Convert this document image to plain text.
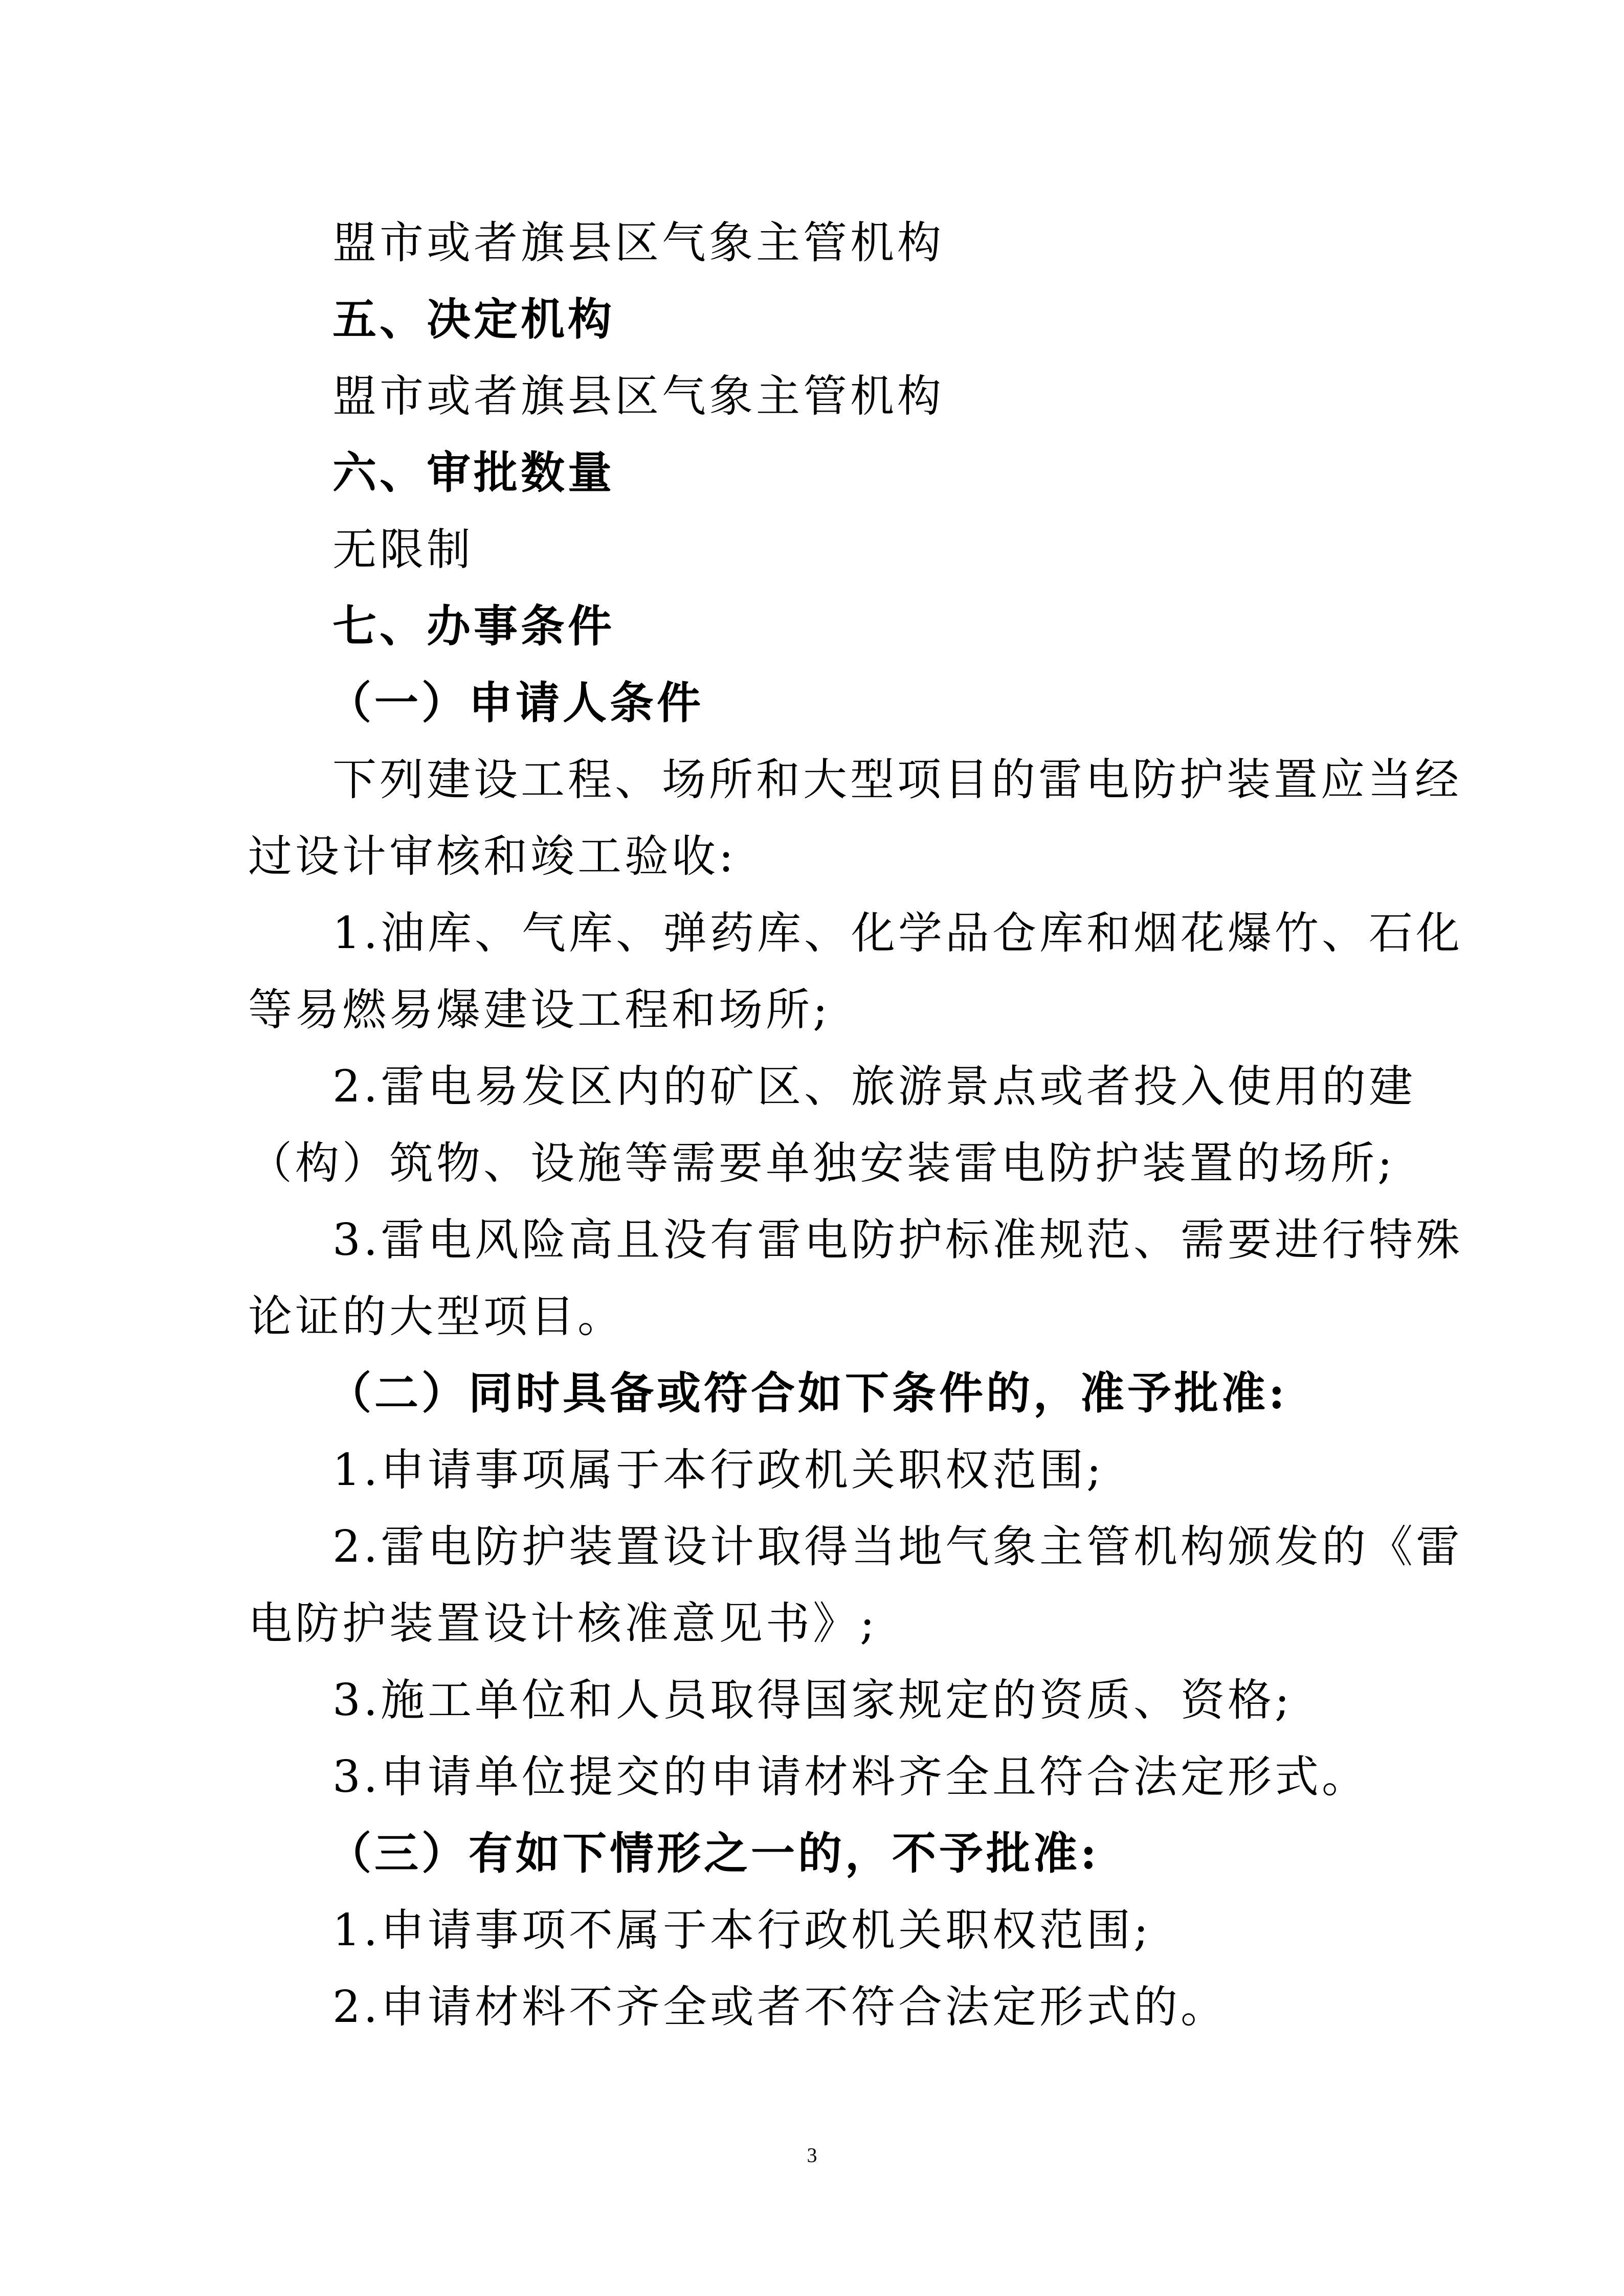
盟市或者旗县区气象主管机构

五、决定机构

盟市或者旗县区气象主管机构

六、审批数量

无限制

七、办事条件

（一）申请人条件

下列建设工程、场所和大型项目的雷电防护装置应当经

过设计审核和竣工验收:

1.油库、气库、弹药库、化学品仓库和烟花爆竹、石化

等易燃易爆建设工程和场所;

2.雷电易发区内的矿区、旅游景点或者投入使用的建

（构）筑物、设施等需要单独安装雷电防护装置的场所;

3.雷电风险高且没有雷电防护标准规范、需要进行特殊

论证的大型项目。

（二）同时具备或符合如下条件的，准予批准:

1.申请事项属于本行政机关职权范围;

2.雷电防护装置设计取得当地气象主管机构颁发的《雷

电防护装置设计核准意见书》;

3.施工单位和人员取得国家规定的资质、资格;

3.申请单位提交的申请材料齐全且符合法定形式。

（三）有如下情形之一的，不予批准:

1.申请事项不属于本行政机关职权范围;

2.申请材料不齐全或者不符合法定形式的。

3
